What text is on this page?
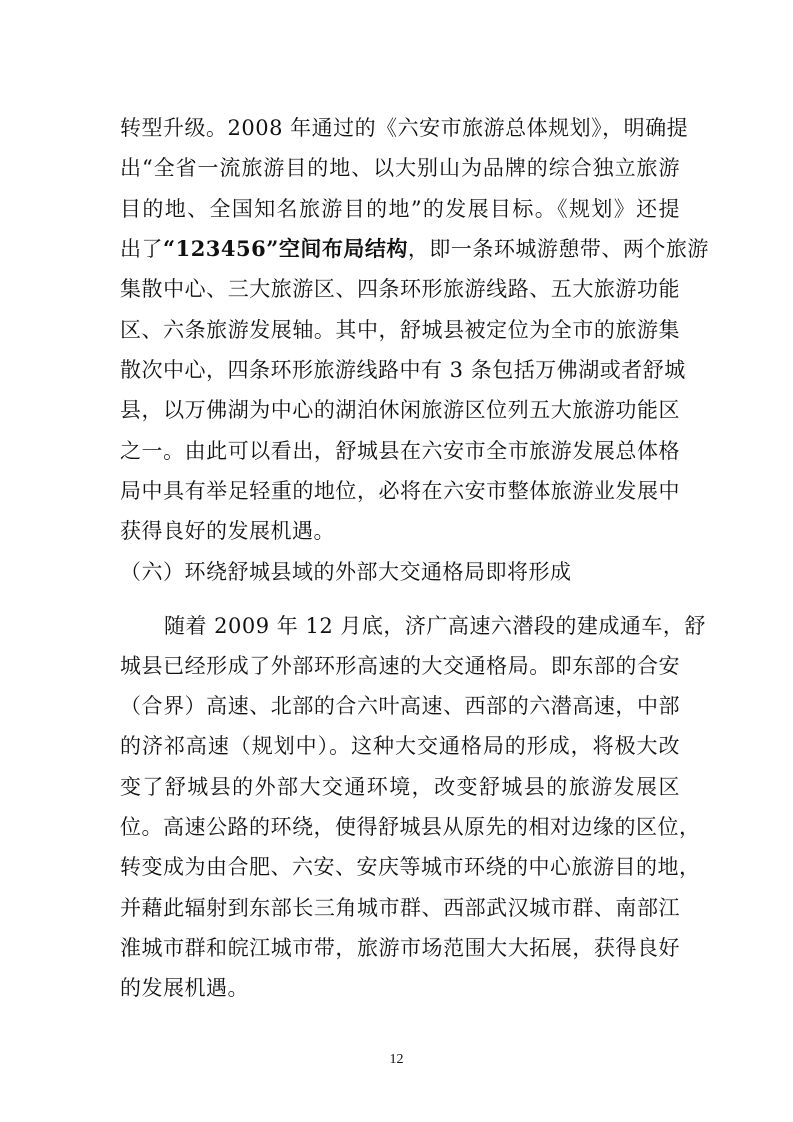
转型升级。2008 年通过的《六安市旅游总体规划》，明确提
出“全省一流旅游目的地、以大别山为品牌的综合独立旅游
目的地、全国知名旅游目的地”的发展目标。《规划》还提
出了“123456”空间布局结构，即一条环城游憩带、两个旅游
集散中心、三大旅游区、四条环形旅游线路、五大旅游功能
区、六条旅游发展轴。其中，舒城县被定位为全市的旅游集
散次中心，四条环形旅游线路中有 3 条包括万佛湖或者舒城
县，以万佛湖为中心的湖泊休闲旅游区位列五大旅游功能区
之一。由此可以看出，舒城县在六安市全市旅游发展总体格
局中具有举足轻重的地位，必将在六安市整体旅游业发展中
获得良好的发展机遇。
（六）环绕舒城县域的外部大交通格局即将形成
随着 2009 年 12 月底，济广高速六潜段的建成通车，舒
城县已经形成了外部环形高速的大交通格局。即东部的合安
（合界）高速、北部的合六叶高速、西部的六潜高速，中部
的济祁高速（规划中）。这种大交通格局的形成，将极大改
变了舒城县的外部大交通环境，改变舒城县的旅游发展区
位。高速公路的环绕，使得舒城县从原先的相对边缘的区位，
转变成为由合肥、六安、安庆等城市环绕的中心旅游目的地，
并藉此辐射到东部长三角城市群、西部武汉城市群、南部江
淮城市群和皖江城市带，旅游市场范围大大拓展，获得良好
的发展机遇。
12
